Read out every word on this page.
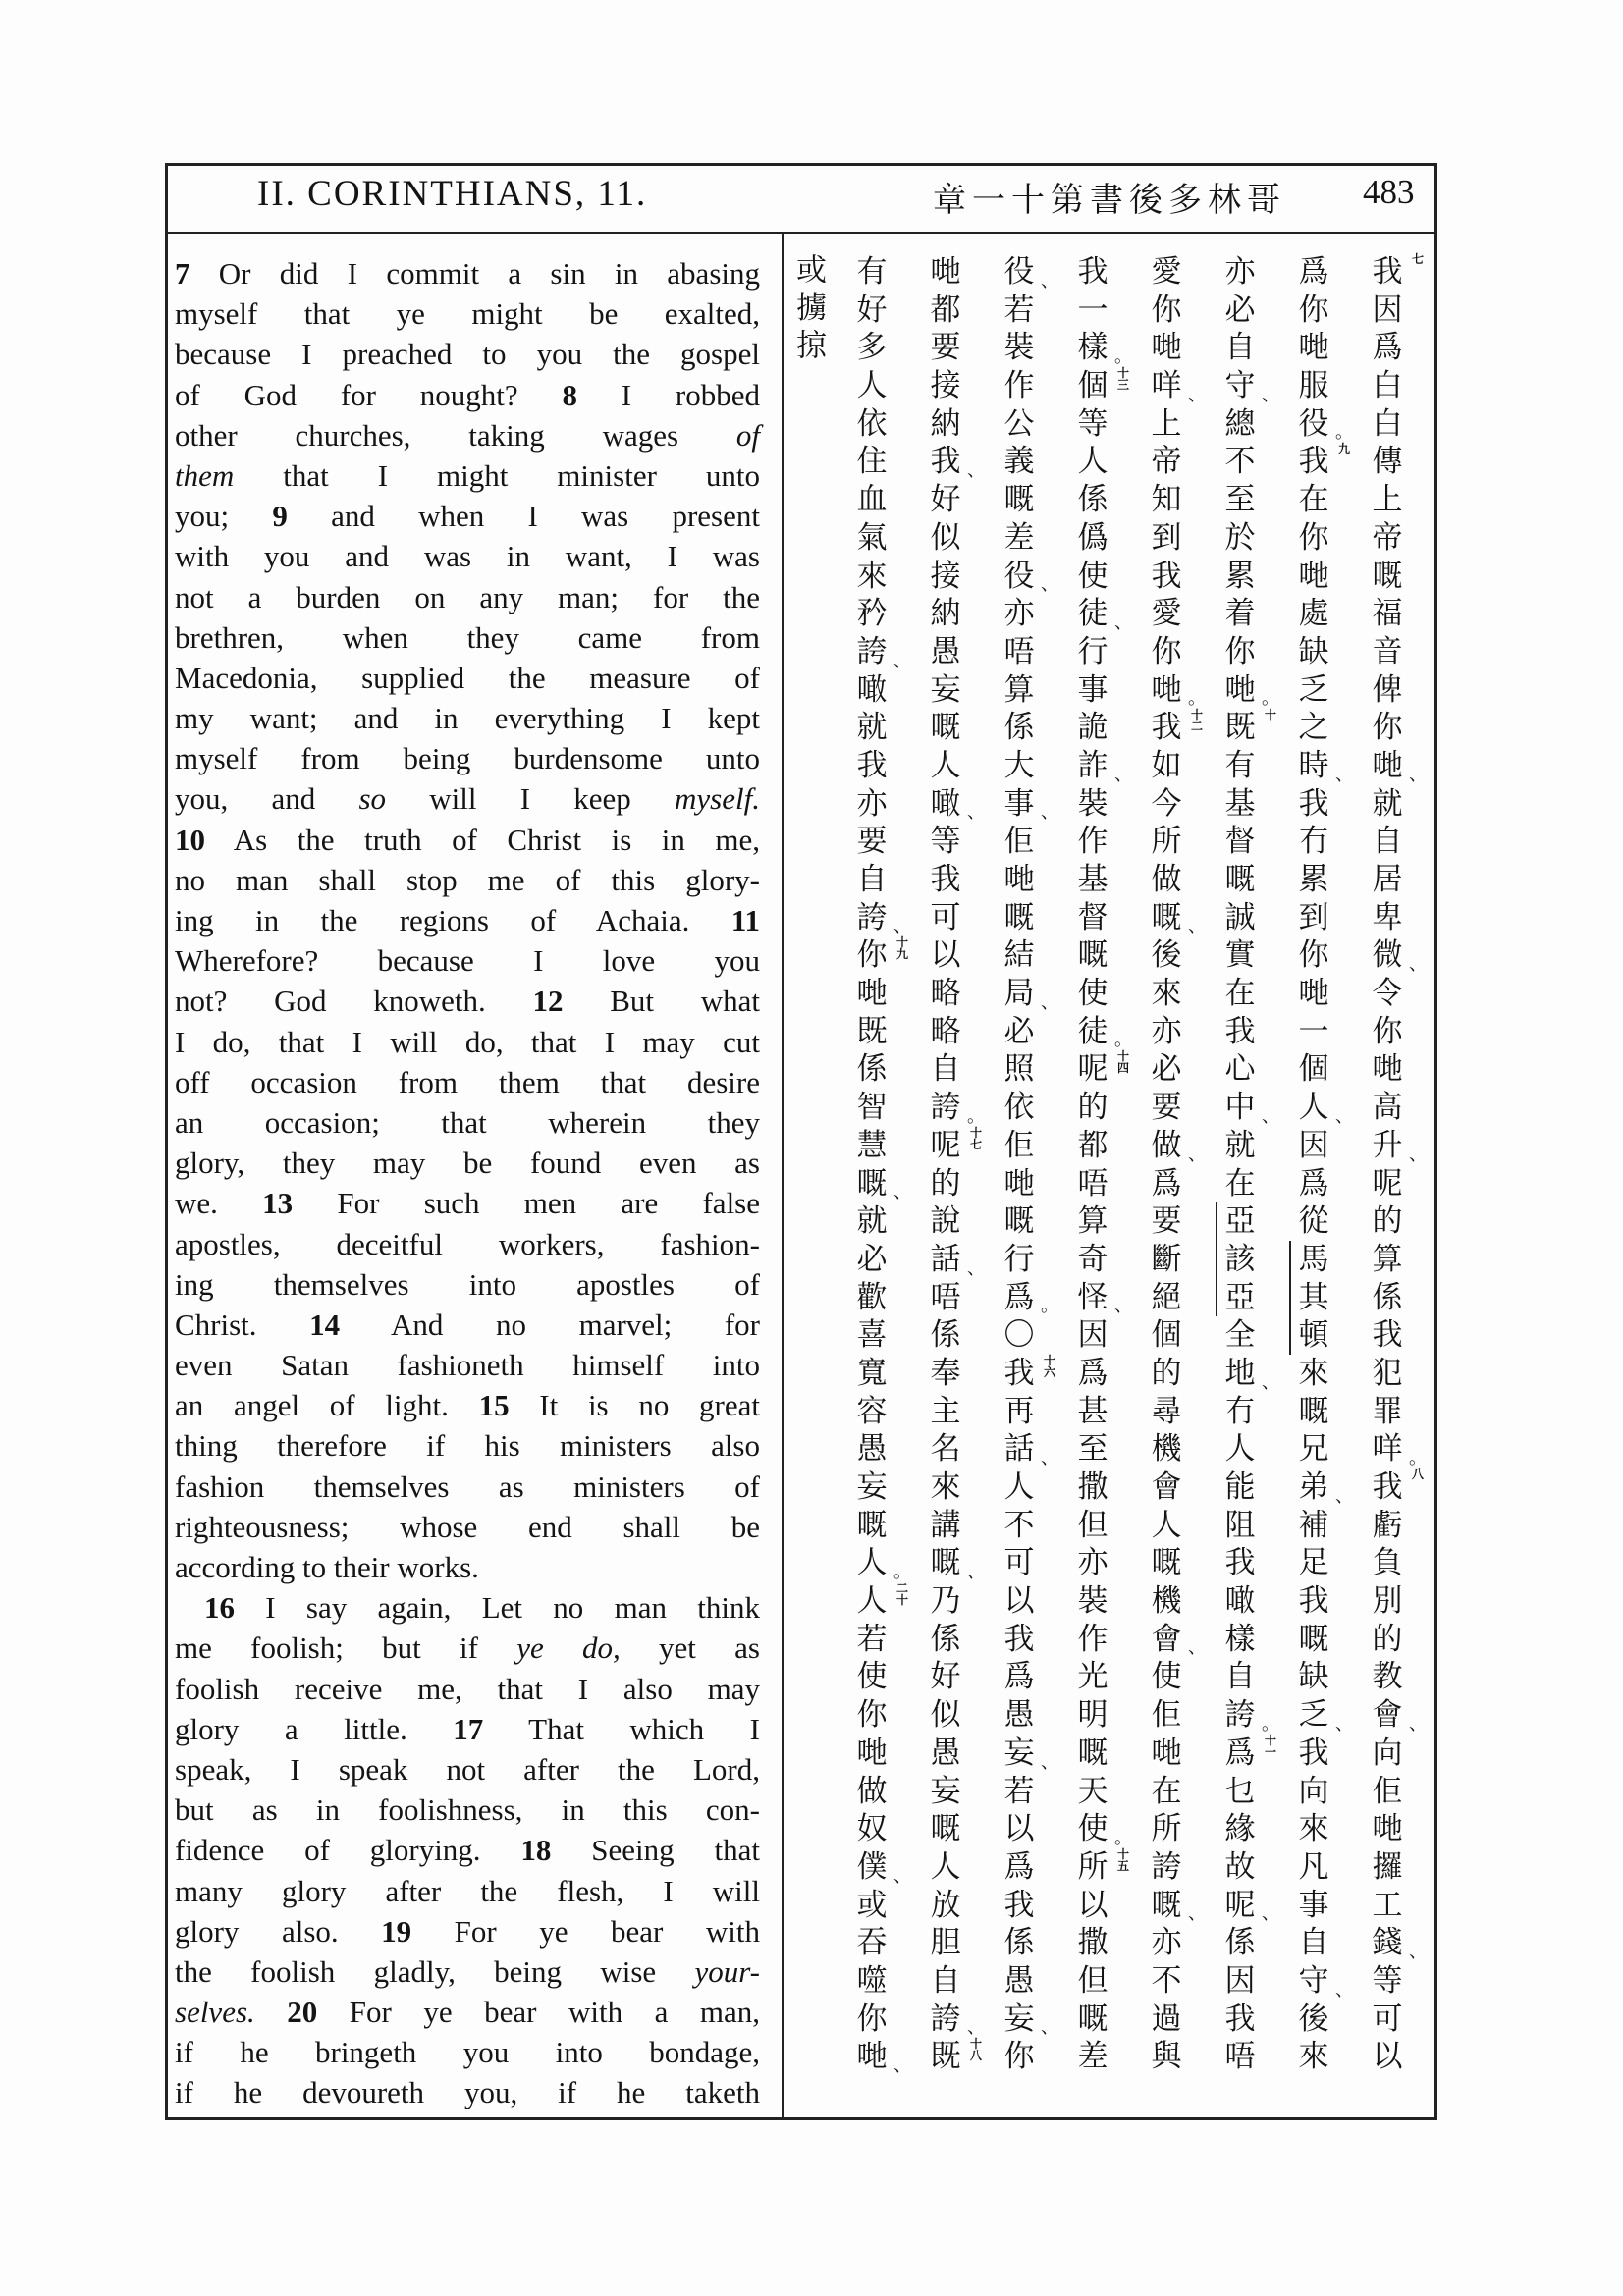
II. CORINTHIANS, 11.	章一十第書後多林哥 483
7 Or did I commit a sin in abasing
myself that ye might be exalted,
because I preached to you the gospel
of God for nought? 8 I robbed
other churches, taking wages of
them that I might minister unto
you; 9 and when I was present
with you and was in want, I was
not a burden on any man; for the
brethren, when they came from
Macedonia, supplied the measure of
my want; and in everything I kept
myself from being burdensome unto
you, and so will I keep myself.
10 As the truth of Christ is in me,
no man shall stop me of this glory-
ing in the regions of Achaia. 11
Wherefore? because I love you
not? God knoweth. 12 But what
I do, that I will do, that I may cut
off occasion from them that desire
an occasion; that wherein they
glory, they may be found even as
we. 13 For such men are false
apostles, deceitful workers, fashion-
ing themselves into apostles of
Christ. 14 And no marvel; for
even Satan fashioneth himself into
an angel of light. 15 It is no great
thing therefore if his ministers also
fashion themselves as ministers of
righteousness; whose end shall be
according to their works.
16 I say again, Let no man think
me foolish; but if ye do, yet as
foolish receive me, that I also may
glory a little. 17 That which I
speak, I speak not after the Lord,
but as in foolishness, in this con-
fidence of glorying. 18 Seeing that
many glory after the flesh, I will
glory also. 19 For ye bear with
the foolish gladly, being wise your-
selves. 20 For ye bear with a man,
if he bringeth you into bondage,
if he devoureth you, if he taketh
我 七
因
爲
白
白
傳
上
帝
嘅
福
音
俾
你
哋 、
就
自
居
卑
微 、
令
你
哋
高
升 、
呢
的
算
係
我
犯
罪
咩 。
我 八
虧
負
別
的
教
會 、
向
佢
哋
攞
工
錢 、
等
可
以
爲
你
哋
服
役 。
我 九
在
你
哋
處
缺
乏
之
時 、
我
冇
累
到
你
哋
一
個
人 、
因
爲
從
馬
其
頓
來
嘅
兄
弟 、
補
足
我
嘅
缺
乏 、
我
向
來
凡
事
自
守 、
後
來
亦
必
自
守 、
總
不
至
於
累
着
你
哋 。
既 十
有
基
督
嘅
誠
實
在
我
心
中 、
就
在
亞
該
亞
全
地 、
冇
人
能
阻
我
噉
樣
自
誇 。
爲 十一
乜
緣
故
呢 、
係
因
我
唔
愛
你
哋
咩 、
上
帝
知
到
我
愛
你
哋 。
我 十二
如
今
所
做
嘅 、
後
來
亦
必
要
做 、
爲
要
斷
絕
個
的
尋
機
會
人
嘅
機
會 、
使
佢
哋
在
所
誇
嘅 、
亦
不
過
與
我
一
樣 。
個 十三
等
人
係
僞
使
徒 、
行
事
詭
詐 、
裝
作
基
督
嘅
使
徒 。
呢 十四
的
都
唔
算
奇
怪 、
因
爲
甚
至
撒
但
亦
裝
作
光
明
嘅
天
使 。
所 十五
以
撒
但
嘅
差
役 、
若
裝
作
公
義
嘅
差
役 、
亦
唔
算
係
大
事 、
佢
哋
嘅
結
局 、
必
照
依
佢
哋
嘅
行
爲 。
〇
我 十六
再
話 、
人
不
可
以
我
爲
愚
妄 、
若
以
爲
我
係
愚
妄 、
你
哋
都
要
接
納
我 、
好
似
接
納
愚
妄
嘅
人
噉 、
等
我
可
以
略
略
自
誇 。
呢 十七
的
說
話 、
唔
係
奉
主
名
來
講
嘅 、
乃
係
好
似
愚
妄
嘅
人
放
胆
自
誇 、
既 十八
有
好
多
人
依
住
血
氣
來
矜
誇 、
噉
就
我
亦
要
自
誇 、
你 十九
哋
既
係
智
慧
嘅 、
就
必
歡
喜
寬
容
愚
妄
嘅
人 。
人 二十
若
使
你
哋
做
奴
僕 、
或
吞
噬
你
哋 、
或擄掠
